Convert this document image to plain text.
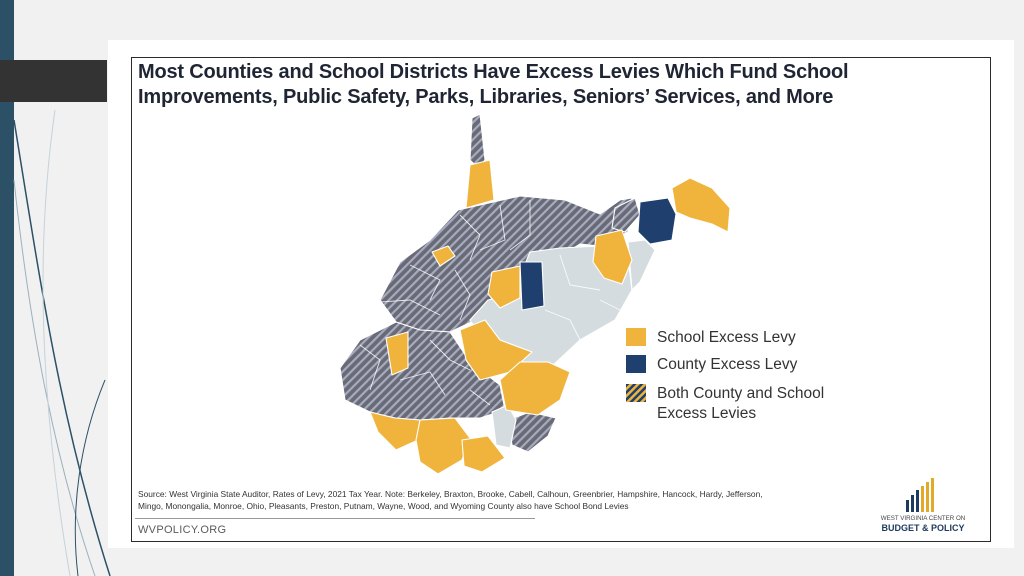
Most Counties and School Districts Have Excess Levies Which Fund School
Improvements, Public Safety, Parks, Libraries, Seniors’ Services, and More
School Excess Levy
County Excess Levy
Both County and School
Excess Levies
Source: West Virginia State Auditor, Rates of Levy, 2021 Tax Year. Note: Berkeley, Braxton, Brooke, Cabell, Calhoun, Greenbrier, Hampshire, Hancock, Hardy, Jefferson,
Mingo, Monongalia, Monroe, Ohio, Pleasants, Preston, Putnam, Wayne, Wood, and Wyoming County also have School Bond Levies
WVPOLICY.ORG
WEST VIRGINIA CENTER ON
BUDGET & POLICY
